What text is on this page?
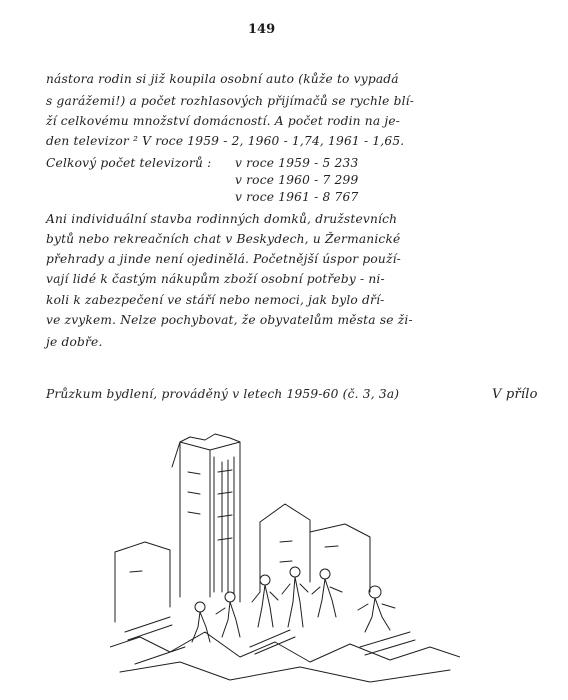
149
nástora rodin si již koupila osobní auto (kůže to vypadá
s garážemi!) a počet rozhlasových přijímačů se rychle blí-
ží celkovému množství domácností. A počet rodin na je-
den televizor ² V roce 1959 - 2, 1960 - 1,74, 1961 - 1,65.
Celkový počet televizorů : v roce 1959 - 5 233
v roce 1960 - 7 299
v roce 1961 - 8 767
Ani individuální stavba rodinných domků, družstevních
bytů nebo rekreačních chat v Beskydech, u Žermanické
přehrady a jinde není ojedinělá. Početnější úspor použí-
vají lidé k častým nákupům zboží osobní potřeby - ni-
koli k zabezpečení ve stáří nebo nemoci, jak bylo dří-
ve zvykem. Nelze pochybovat, že obyvatelům města se ži-
je dobře.
Průzkum bydlení, prováděný v letech 1959-60 (č. 3, 3a)	V přílo
